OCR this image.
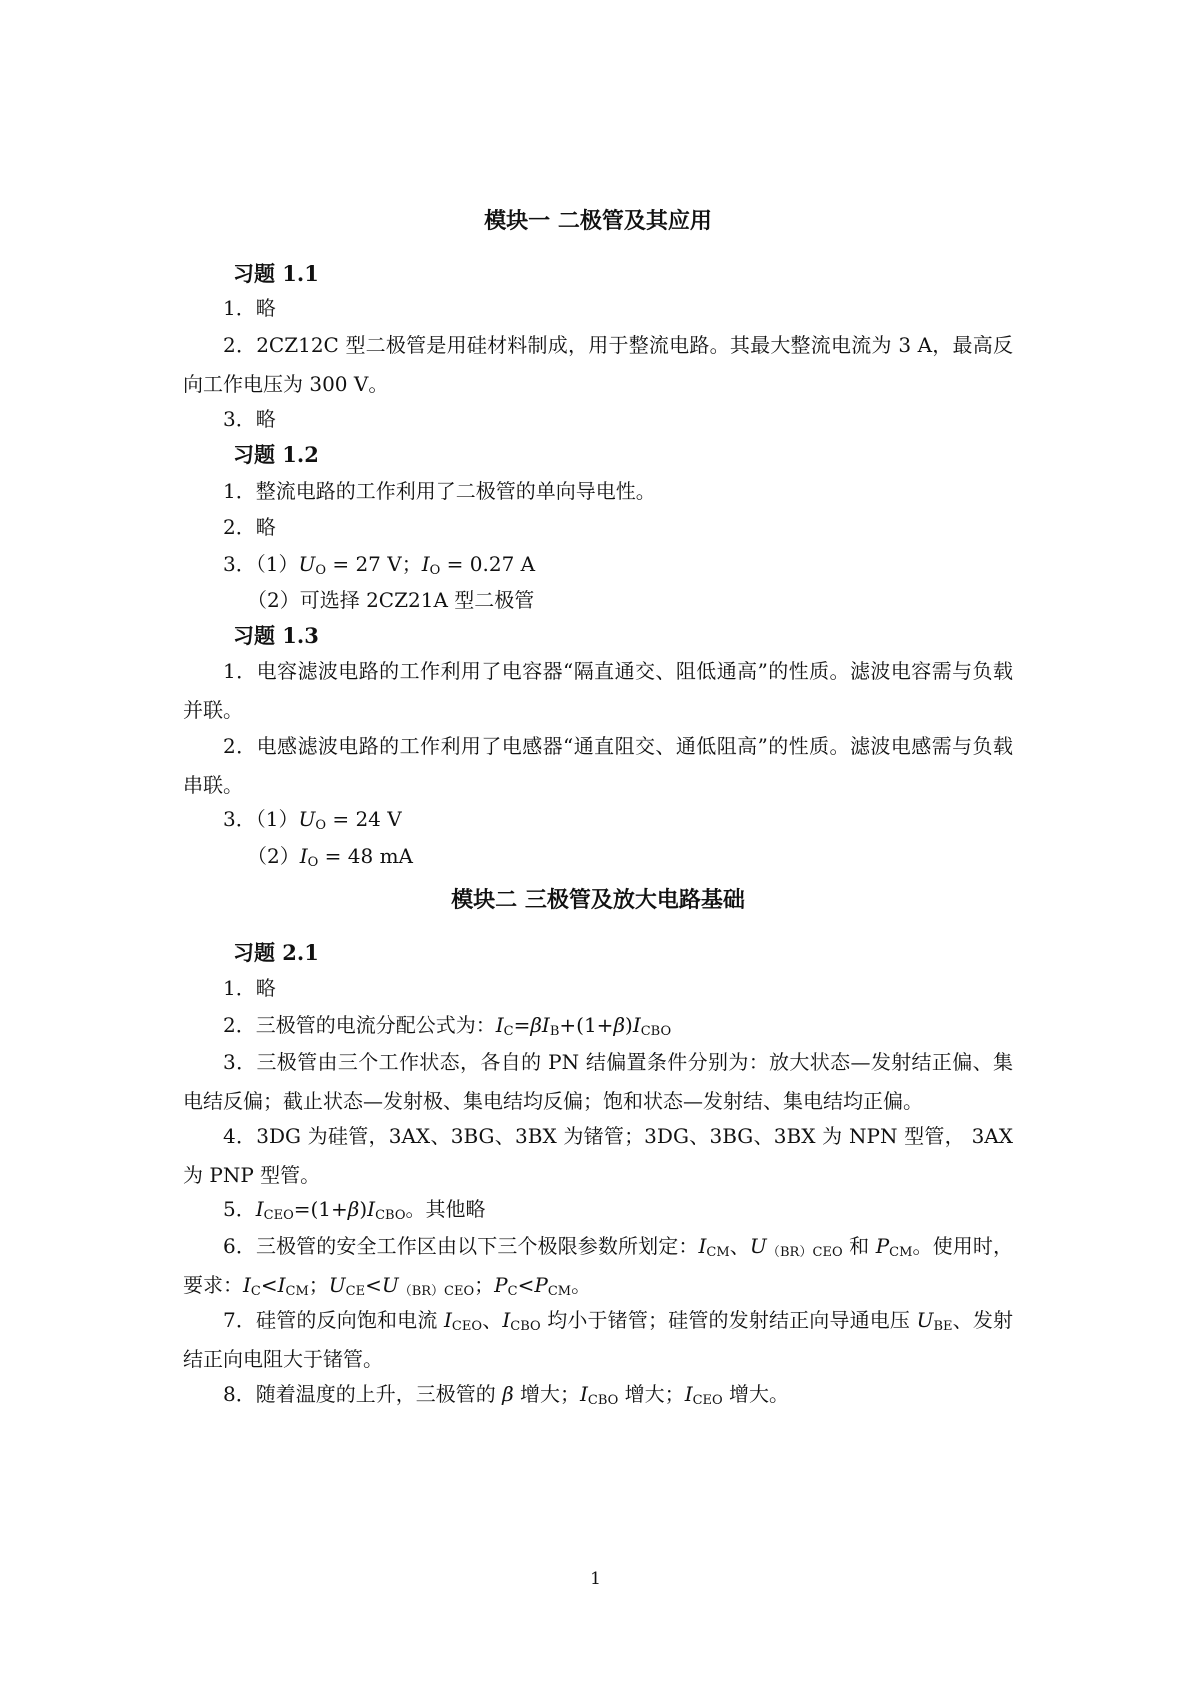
模块一 二极管及其应用
习题 1.1

1．略

2．2CZ12C 型二极管是用硅材料制成，用于整流电路。其最大整流电流为 3 A，最高反向工作电压为 300 V。

3．略

习题 1.2

1．整流电路的工作利用了二极管的单向导电性。

2．略

3．$(1)U_O = 27$ V；$I_O = 0.27$ A

（2）可选择 2CZ21A 型二极管
习题 1.3

1．电容滤波电路的工作利用了电容器“隔直通交、阻低通高”的性质。滤波电容需与负载并联。

2．电感滤波电路的工作利用了电感器“通直阻交、通低阻高”的性质。滤波电感需与负载串联。

3．$(1)U_O = 24$ V

$(2)I_O = 48$ mA
模块二 三极管及放大电路基础
习题 2.1

1．略

2．三极管的电流分配公式为：$I_C=\beta I_B+(1+\beta)I_{CBO}$

3．三极管由三个工作状态，各自的 PN 结偏置条件分别为：放大状态—发射结正偏、集电结反偏；截止状态—发射极、集电结均反偏；饱和状态—发射结、集电结均正偏。

4．3DG 为硅管，3AX、3BG、3BX 为锗管；3DG、3BG、3BX 为 NPN 型管， 3AX 为 PNP 型管。

5．$I_{CEO}=(1+\beta)I_{CBO}$。其他略

6．三极管的安全工作区由以下三个极限参数所划定：$I_{CM}$、$U_{(BR)CEO}$ 和 $P_{CM}$。使用时，要求：$I_C<I_{CM}$；$U_{CE}<U_{(BR)CEO}$；$P_C<P_{CM}$。

7．硅管的反向饱和电流 $I_{CEO}$、$I_{CBO}$ 均小于锗管；硅管的发射结正向导通电压 $U_{BE}$、发射结正向电阻大于锗管。

8．随着温度的上升，三极管的 β 增大；$I_{CBO}$ 增大；$I_{CEO}$ 增大。

1
